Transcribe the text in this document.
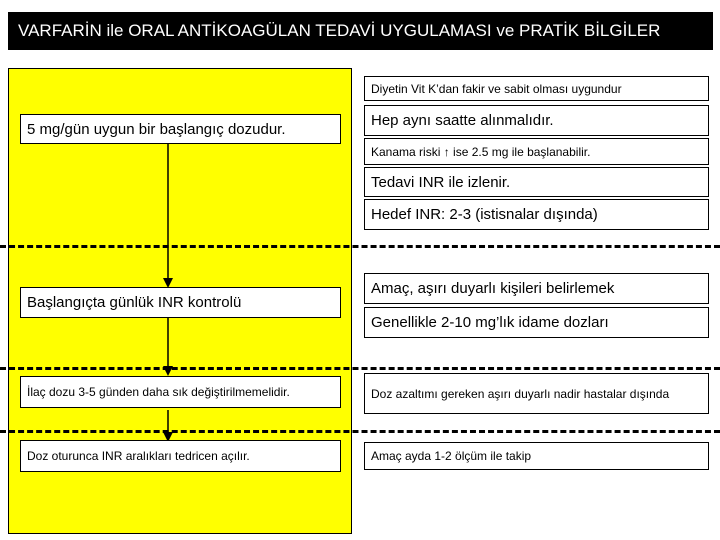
VARFARİN ile ORAL ANTİKOAGÜLAN TEDAVİ UYGULAMASI ve PRATİK BİLGİLER
5 mg/gün uygun bir başlangıç dozudur.
Başlangıçta günlük INR kontrolü
İlaç dozu 3-5 günden daha sık değiştirilmemelidir.
Doz oturunca INR aralıkları tedricen açılır.
Diyetin Vit K’dan fakir ve sabit olması uygundur
Hep aynı saatte alınmalıdır.
Kanama riski ↑ ise 2.5 mg ile başlanabilir.
Tedavi INR ile izlenir.
Hedef INR: 2-3 (istisnalar dışında)
Amaç, aşırı duyarlı kişileri belirlemek
Genellikle 2-10 mg’lık idame dozları
Doz azaltımı gereken aşırı duyarlı nadir hastalar dışında
Amaç ayda 1-2 ölçüm ile takip
